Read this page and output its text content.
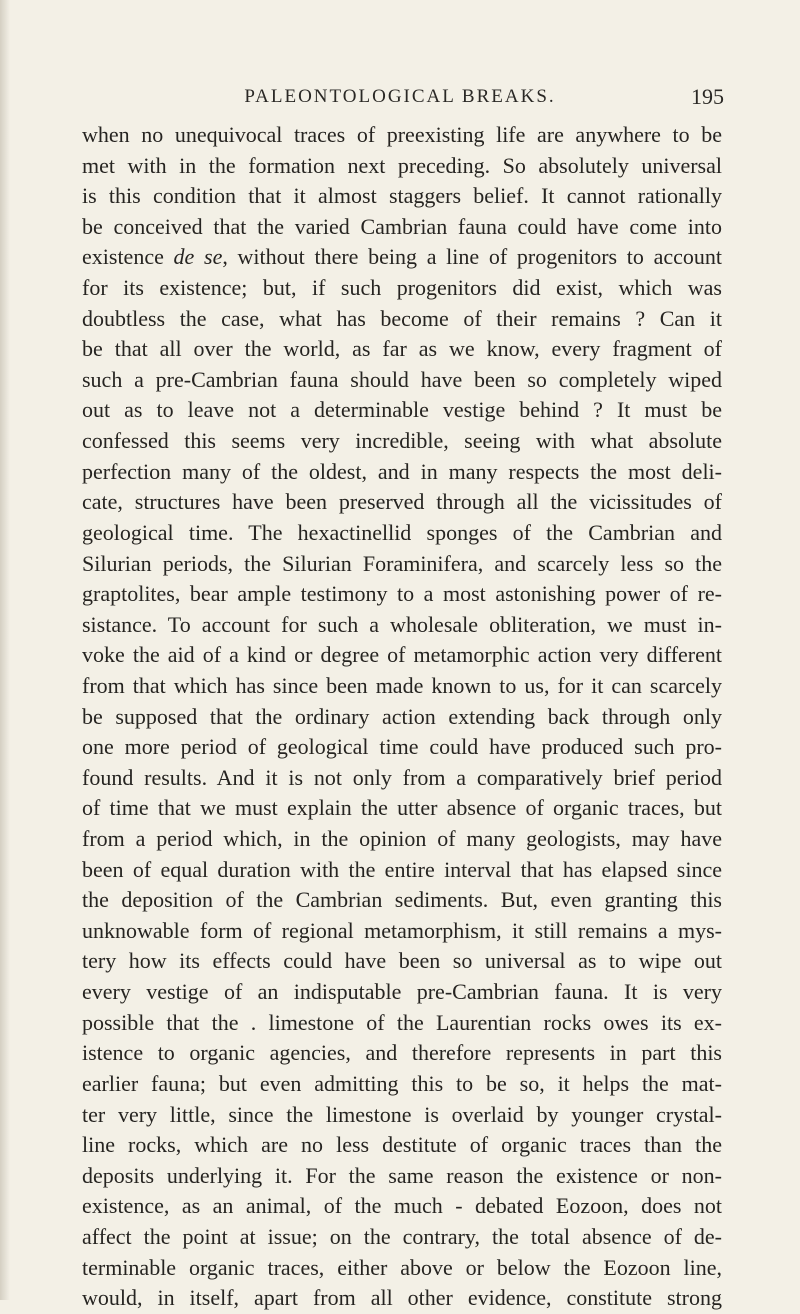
PALEONTOLOGICAL BREAKS.	195
when no unequivocal traces of preexisting life are anywhere to be
met with in the formation next preceding. So absolutely universal
is this condition that it almost staggers belief. It cannot rationally
be conceived that the varied Cambrian fauna could have come into
existence de se, without there being a line of progenitors to account
for its existence; but, if such progenitors did exist, which was
doubtless the case, what has become of their remains ? Can it
be that all over the world, as far as we know, every fragment of
such a pre-Cambrian fauna should have been so completely wiped
out as to leave not a determinable vestige behind ? It must be
confessed this seems very incredible, seeing with what absolute
perfection many of the oldest, and in many respects the most deli-
cate, structures have been preserved through all the vicissitudes of
geological time. The hexactinellid sponges of the Cambrian and
Silurian periods, the Silurian Foraminifera, and scarcely less so the
graptolites, bear ample testimony to a most astonishing power of re-
sistance. To account for such a wholesale obliteration, we must in-
voke the aid of a kind or degree of metamorphic action very different
from that which has since been made known to us, for it can scarcely
be supposed that the ordinary action extending back through only
one more period of geological time could have produced such pro-
found results. And it is not only from a comparatively brief period
of time that we must explain the utter absence of organic traces, but
from a period which, in the opinion of many geologists, may have
been of equal duration with the entire interval that has elapsed since
the deposition of the Cambrian sediments. But, even granting this
unknowable form of regional metamorphism, it still remains a mys-
tery how its effects could have been so universal as to wipe out
every vestige of an indisputable pre-Cambrian fauna. It is very
possible that the . limestone of the Laurentian rocks owes its ex-
istence to organic agencies, and therefore represents in part this
earlier fauna; but even admitting this to be so, it helps the mat-
ter very little, since the limestone is overlaid by younger crystal-
line rocks, which are no less destitute of organic traces than the
deposits underlying it. For the same reason the existence or non-
existence, as an animal, of the much - debated Eozoon, does not
affect the point at issue; on the contrary, the total absence of de-
terminable organic traces, either above or below the Eozoon line,
would, in itself, apart from all other evidence, constitute strong
